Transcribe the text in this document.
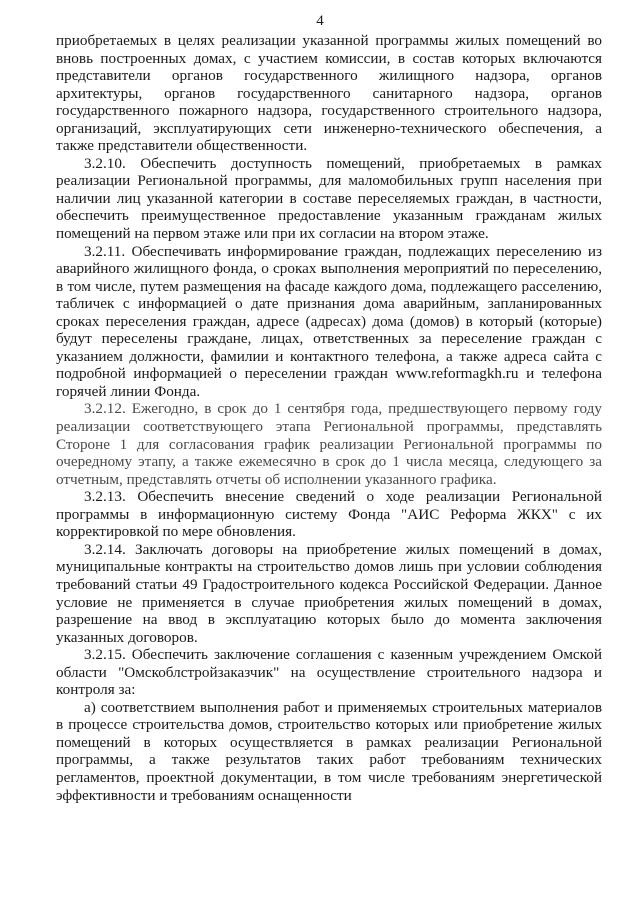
4

приобретаемых в целях реализации указанной программы жилых помещений во вновь построенных домах, с участием комиссии, в состав которых включаются представители органов государственного жилищного надзора, органов архитектуры, органов государственного санитарного надзора, органов государственного пожарного надзора, государственного строительного надзора, организаций, эксплуатирующих сети инженерно-технического обеспечения, а также представители общественности.

3.2.10. Обеспечить доступность помещений, приобретаемых в рамках реализации Региональной программы, для маломобильных групп населения при наличии лиц указанной категории в составе переселяемых граждан, в частности, обеспечить преимущественное предоставление указанным гражданам жилых помещений на первом этаже или при их согласии на втором этаже.

3.2.11. Обеспечивать информирование граждан, подлежащих переселению из аварийного жилищного фонда, о сроках выполнения мероприятий по переселению, в том числе, путем размещения на фасаде каждого дома, подлежащего расселению, табличек с информацией о дате признания дома аварийным, запланированных сроках переселения граждан, адресе (адресах) дома (домов) в который (которые) будут переселены граждане, лицах, ответственных за переселение граждан с указанием должности, фамилии и контактного телефона, а также адреса сайта с подробной информацией о переселении граждан www.reformagkh.ru и телефона горячей линии Фонда.

3.2.12. Ежегодно, в срок до 1 сентября года, предшествующего первому году реализации соответствующего этапа Региональной программы, представлять Стороне 1 для согласования график реализации Региональной программы по очередному этапу, а также ежемесячно в срок до 1 числа месяца, следующего за отчетным, представлять отчеты об исполнении указанного графика.

3.2.13. Обеспечить внесение сведений о ходе реализации Региональной программы в информационную систему Фонда "АИС Реформа ЖКХ" с их корректировкой по мере обновления.

3.2.14. Заключать договоры на приобретение жилых помещений в домах, муниципальные контракты на строительство домов лишь при условии соблюдения требований статьи 49 Градостроительного кодекса Российской Федерации. Данное условие не применяется в случае приобретения жилых помещений в домах, разрешение на ввод в эксплуатацию которых было до момента заключения указанных договоров.

3.2.15. Обеспечить заключение соглашения с казенным учреждением Омской области "Омскоблстройзаказчик" на осуществление строительного надзора и контроля за:

а) соответствием выполнения работ и применяемых строительных материалов в процессе строительства домов, строительство которых или приобретение жилых помещений в которых осуществляется в рамках реализации Региональной программы, а также результатов таких работ требованиям технических регламентов, проектной документации, в том числе требованиям энергетической эффективности и требованиям оснащенности
